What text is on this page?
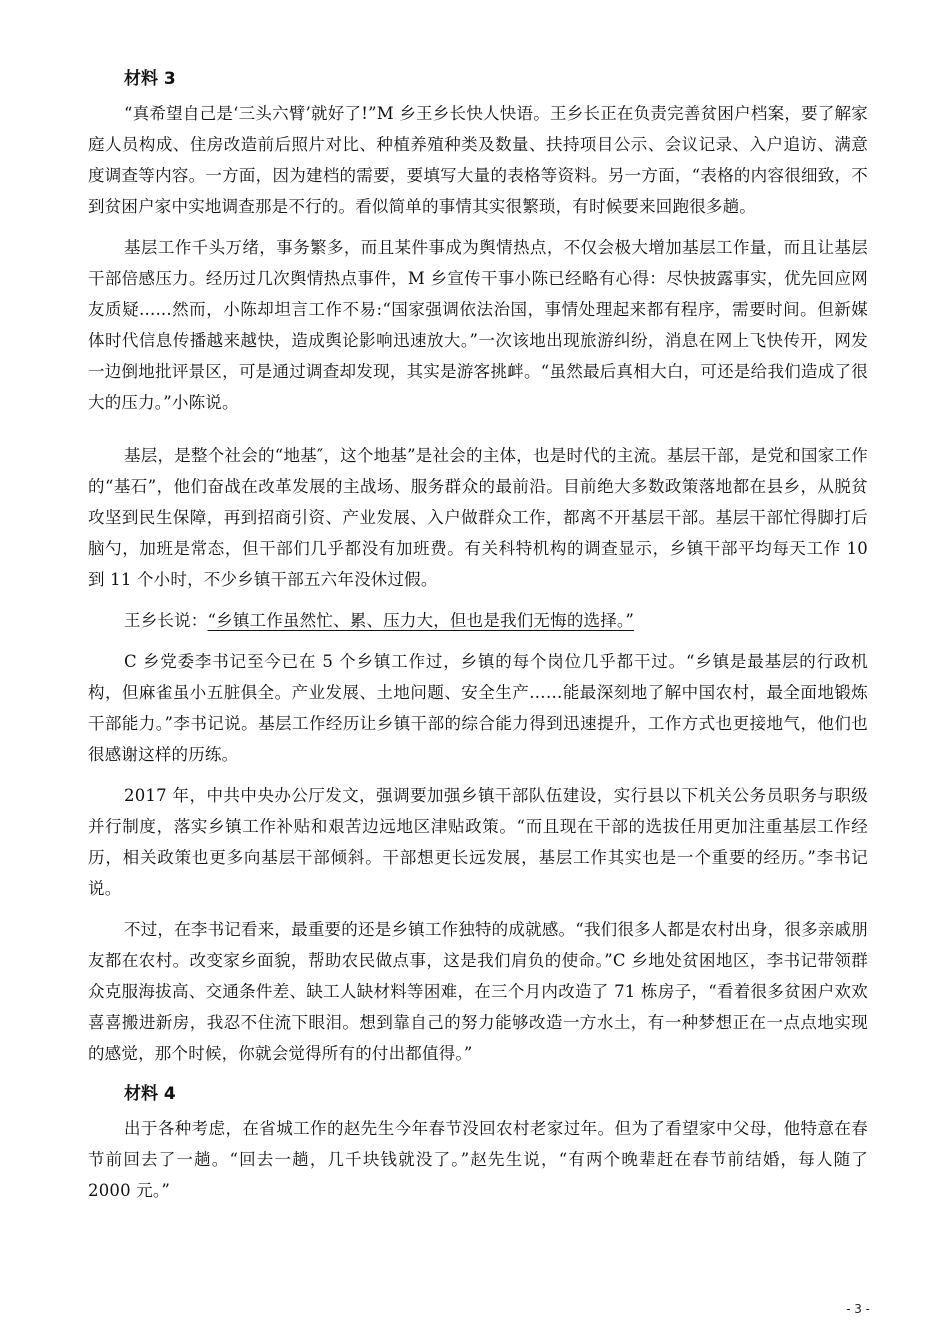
材料 3

“真希望自己是‘三头六臂’就好了!”M 乡王乡长快人快语。王乡长正在负责完善贫困户档案，要了解家庭人员构成、住房改造前后照片对比、种植养殖种类及数量、扶持项目公示、会议记录、入户追访、满意度调查等内容。一方面，因为建档的需要，要填写大量的表格等资料。另一方面，“表格的内容很细致，不到贫困户家中实地调查那是不行的。看似简单的事情其实很繁琐，有时候要来回跑很多趟。

基层工作千头万绪，事务繁多，而且某件事成为舆情热点，不仅会极大增加基层工作量，而且让基层干部倍感压力。经历过几次舆情热点事件，M 乡宣传干事小陈已经略有心得：尽快披露事实，优先回应网友质疑......然而，小陈却坦言工作不易:“国家强调依法治国，事情处理起来都有程序，需要时间。但新媒体时代信息传播越来越快，造成舆论影响迅速放大。”一次该地出现旅游纠纷，消息在网上飞快传开，网发一边倒地批评景区，可是通过调查却发现，其实是游客挑衅。“虽然最后真相大白，可还是给我们造成了很大的压力。”小陈说。

基层，是整个社会的“地基″，这个地基”是社会的主体，也是时代的主流。基层干部，是党和国家工作的“基石”，他们奋战在改革发展的主战场、服务群众的最前沿。目前绝大多数政策落地都在县乡，从脱贫攻坚到民生保障，再到招商引资、产业发展、入户做群众工作，都离不开基层干部。基层干部忙得脚打后脑勺，加班是常态，但干部们几乎都没有加班费。有关科特机构的调查显示，乡镇干部平均每天工作 10 到 11 个小时，不少乡镇干部五六年没休过假。

王乡长说：“乡镇工作虽然忙、累、压力大，但也是我们无悔的选择。”

C 乡党委李书记至今已在 5 个乡镇工作过，乡镇的每个岗位几乎都干过。“乡镇是最基层的行政机构，但麻雀虽小五脏俱全。产业发展、土地问题、安全生产……能最深刻地了解中国农村，最全面地锻炼干部能力。”李书记说。基层工作经历让乡镇干部的综合能力得到迅速提升，工作方式也更接地气，他们也很感谢这样的历练。

2017 年，中共中央办公厅发文，强调要加强乡镇干部队伍建设，实行县以下机关公务员职务与职级并行制度，落实乡镇工作补贴和艰苦边远地区津贴政策。“而且现在干部的选拔任用更加注重基层工作经历，相关政策也更多向基层干部倾斜。干部想更长远发展，基层工作其实也是一个重要的经历。”李书记说。

不过，在李书记看来，最重要的还是乡镇工作独特的成就感。“我们很多人都是农村出身，很多亲戚朋友都在农村。改变家乡面貌，帮助农民做点事，这是我们肩负的使命。”C 乡地处贫困地区，李书记带领群众克服海拔高、交通条件差、缺工人缺材料等困难，在三个月内改造了 71 栋房子，“看着很多贫困户欢欢喜喜搬进新房，我忍不住流下眼泪。想到靠自己的努力能够改造一方水土，有一种梦想正在一点点地实现的感觉，那个时候，你就会觉得所有的付出都值得。”

材料 4

出于各种考虑，在省城工作的赵先生今年春节没回农村老家过年。但为了看望家中父母，他特意在春节前回去了一趟。“回去一趟，几千块钱就没了。”赵先生说，“有两个晚辈赶在春节前结婚，每人随了 2000 元。”

- 3 -
